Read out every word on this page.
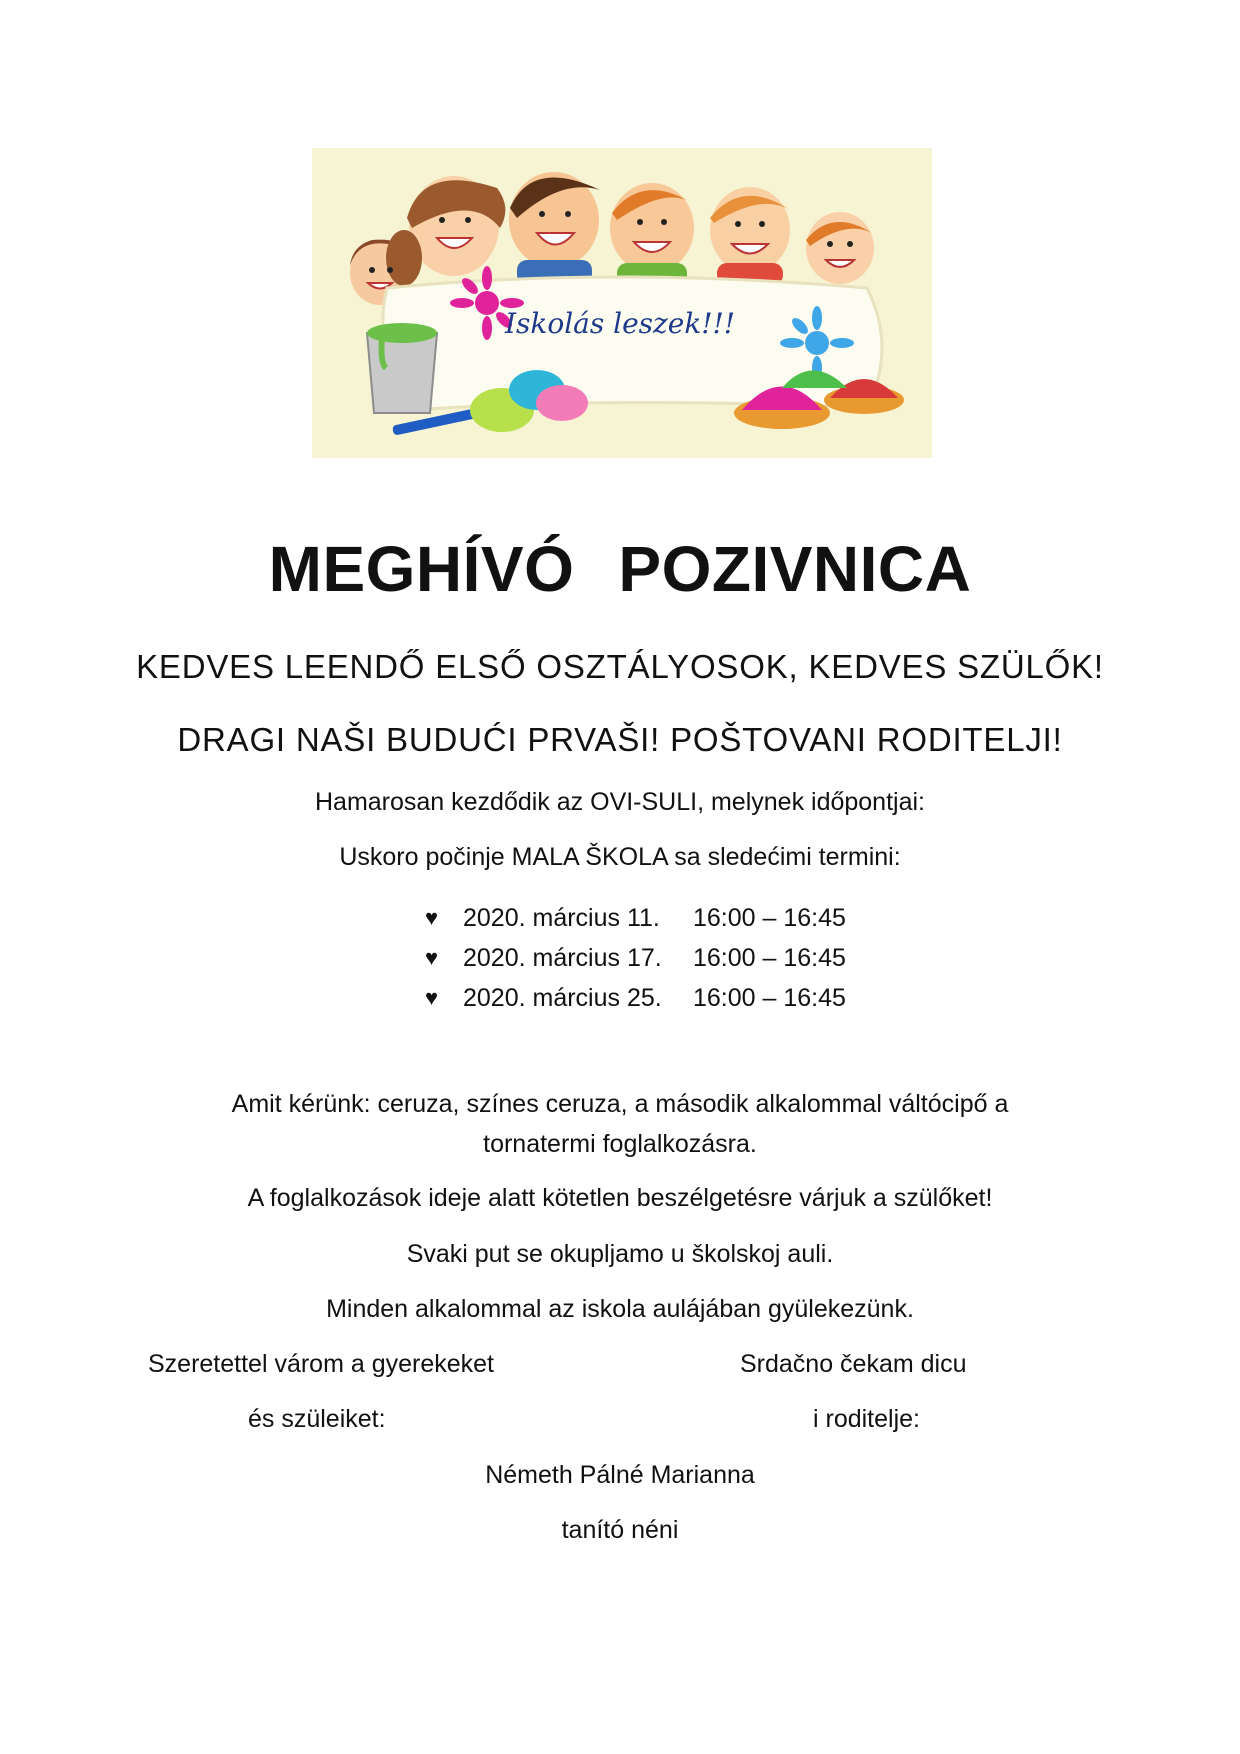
Iskolás leszek!!!
MEGHÍVÓ POZIVNICA
KEDVES LEENDŐ ELSŐ OSZTÁLYOSOK, KEDVES SZÜLŐK!
DRAGI NAŠI BUDUĆI PRVAŠI! POŠTOVANI RODITELJI!
Hamarosan kezdődik az OVI-SULI, melynek időpontjai:
Uskoro počinje MALA ŠKOLA sa sledećimi termini:
♥ 2020. március 11.	16:00 – 16:45
♥ 2020. március 17.	16:00 – 16:45
♥ 2020. március 25.	16:00 – 16:45
Amit kérünk: ceruza, színes ceruza, a második alkalommal váltócipő a
tornatermi foglalkozásra.
A foglalkozások ideje alatt kötetlen beszélgetésre várjuk a szülőket!
Svaki put se okupljamo u školskoj auli.
Minden alkalommal az iskola aulájában gyülekezünk.
Szeretettel várom a gyerekeket	Srdačno čekam dicu
és szüleiket:	i roditelje:
Németh Pálné Marianna
tanító néni
